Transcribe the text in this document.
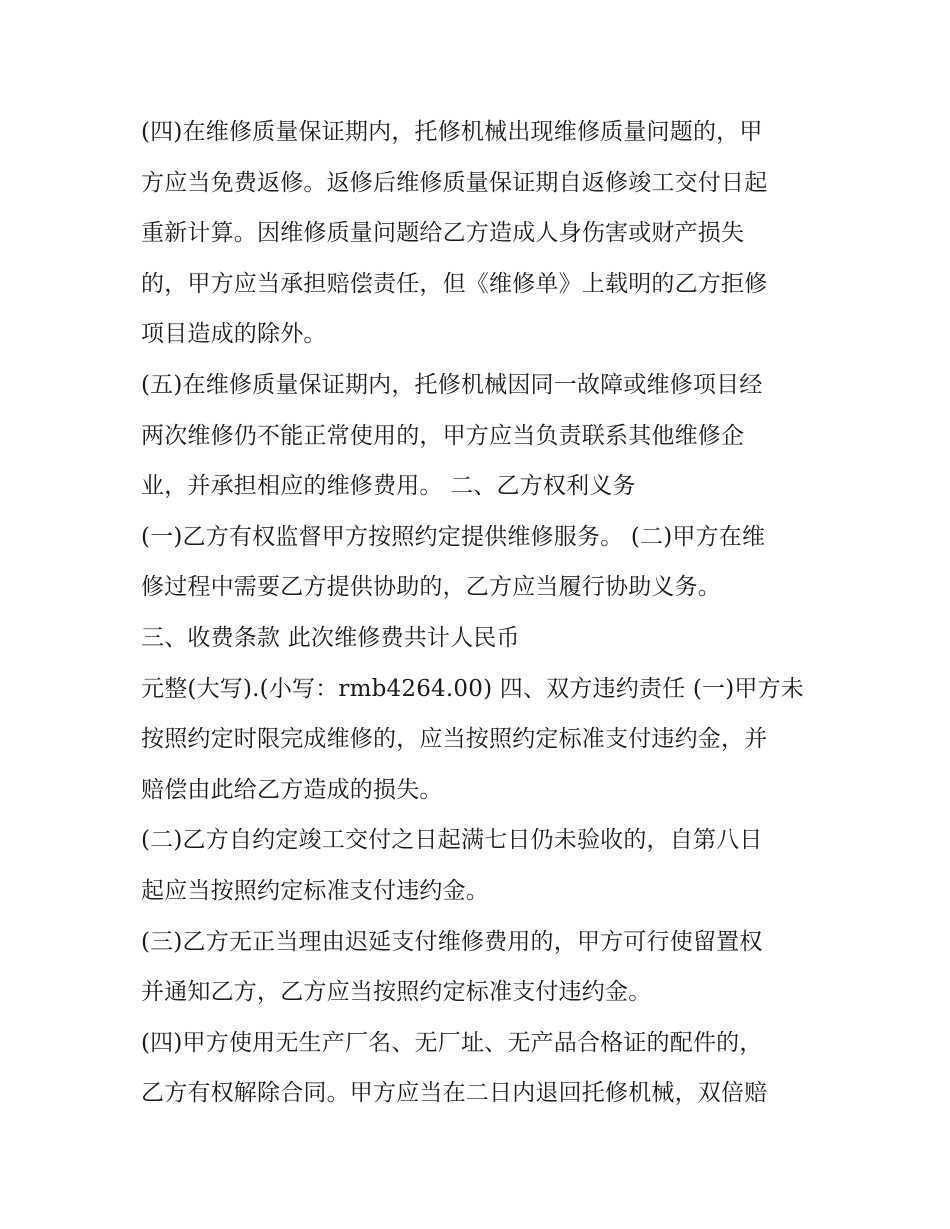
(四)在维修质量保证期内，托修机械出现维修质量问题的，甲
方应当免费返修。返修后维修质量保证期自返修竣工交付日起
重新计算。因维修质量问题给乙方造成人身伤害或财产损失
的，甲方应当承担赔偿责任，但《维修单》上载明的乙方拒修
项目造成的除外。
(五)在维修质量保证期内，托修机械因同一故障或维修项目经
两次维修仍不能正常使用的，甲方应当负责联系其他维修企
业，并承担相应的维修费用。 二、乙方权利义务
(一)乙方有权监督甲方按照约定提供维修服务。 (二)甲方在维
修过程中需要乙方提供协助的，乙方应当履行协助义务。
三、收费条款 此次维修费共计人民币
元整(大写).(小写：rmb4264.00) 四、双方违约责任 (一)甲方未
按照约定时限完成维修的，应当按照约定标准支付违约金，并
赔偿由此给乙方造成的损失。
(二)乙方自约定竣工交付之日起满七日仍未验收的，自第八日
起应当按照约定标准支付违约金。
(三)乙方无正当理由迟延支付维修费用的，甲方可行使留置权
并通知乙方，乙方应当按照约定标准支付违约金。
(四)甲方使用无生产厂名、无厂址、无产品合格证的配件的，
乙方有权解除合同。甲方应当在二日内退回托修机械，双倍赔
